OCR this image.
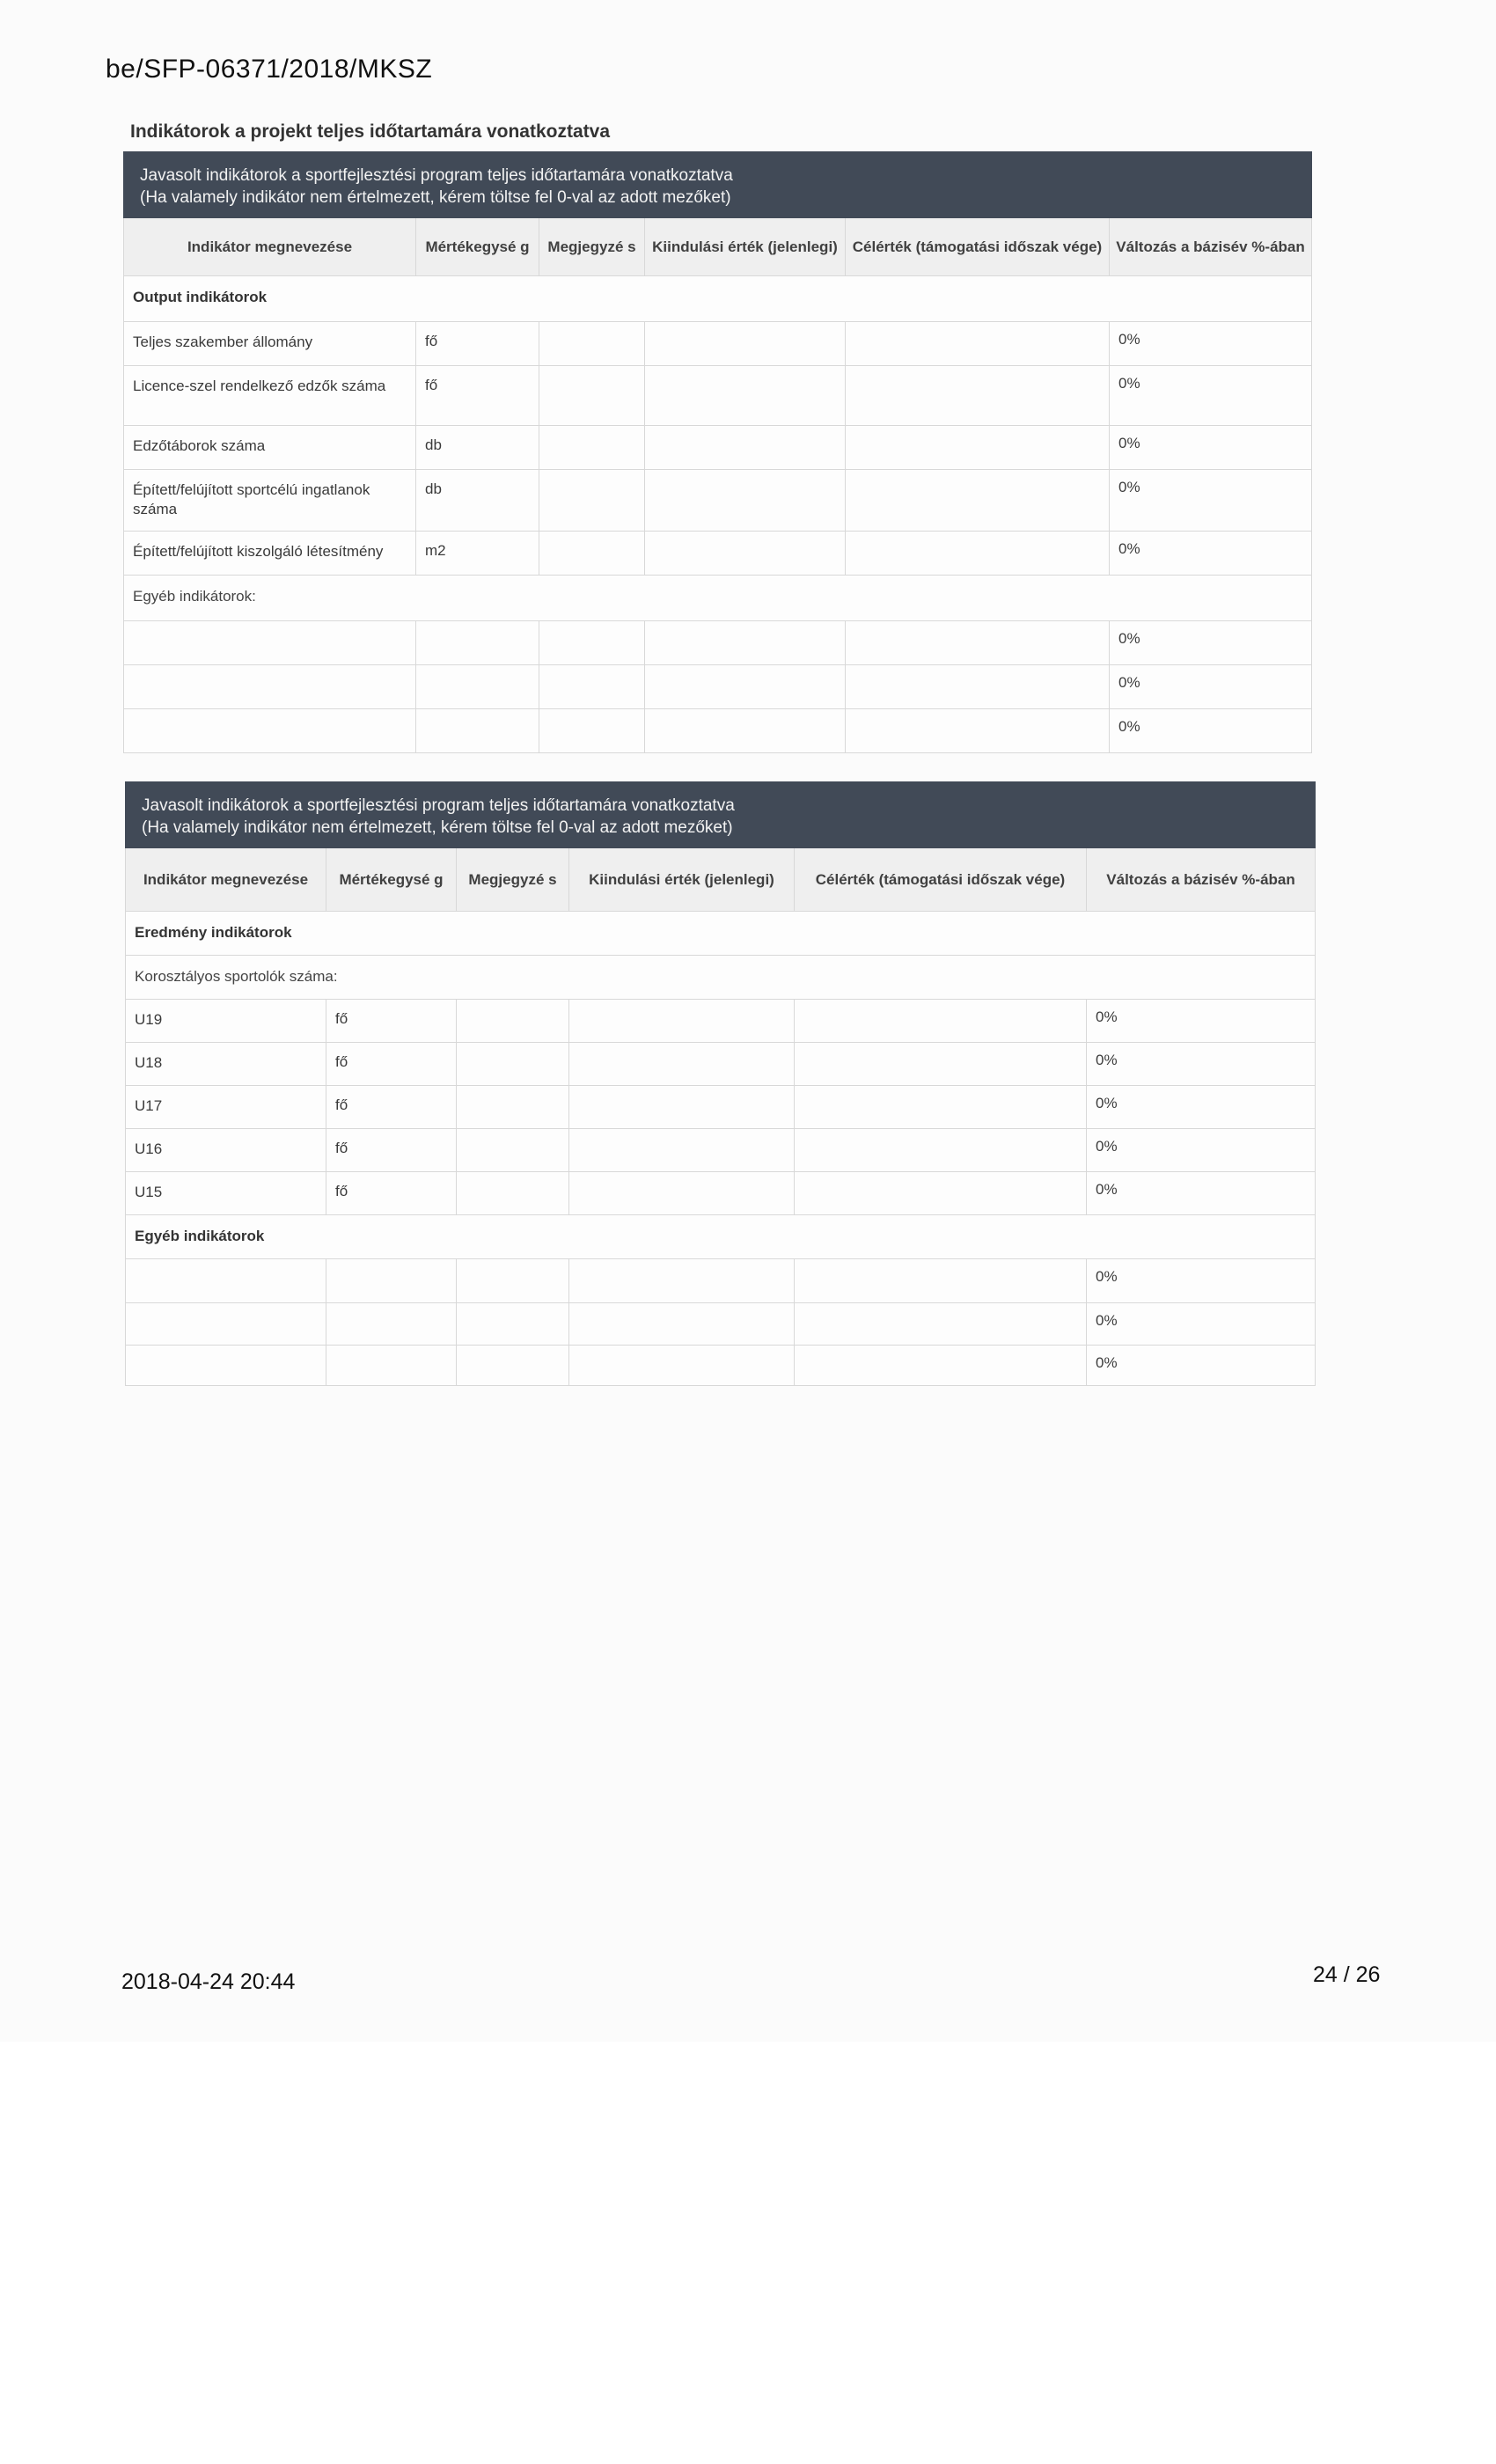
be/SFP-06371/2018/MKSZ
Indikátorok a projekt teljes időtartamára vonatkoztatva
Javasolt indikátorok a sportfejlesztési program teljes időtartamára vonatkoztatva
(Ha valamely indikátor nem értelmezett, kérem töltse fel 0-val az adott mezőket)					

Indikátor megnevezése	Mértékegysé g	Megjegyzé s	Kiindulási érték (jelenlegi)	Célérték (támogatási időszak vége)	Változás a bázisév %-ában
Output indikátorok					
Teljes szakember állomány	fő				0%
Licence-szel rendelkező edzők száma	fő				0%
Edzőtáborok száma	db				0%
Épített/felújított sportcélú ingatlanok száma	db				0%
Épített/felújított kiszolgáló létesítmény	m2				0%
Egyéb indikátorok:					
					0%
					0%
					0%
Javasolt indikátorok a sportfejlesztési program teljes időtartamára vonatkoztatva
(Ha valamely indikátor nem értelmezett, kérem töltse fel 0-val az adott mezőket)					

Indikátor megnevezése	Mértékegysé g	Megjegyzé s	Kiindulási érték (jelenlegi)	Célérték (támogatási időszak vége)	Változás a bázisév %-ában
Eredmény indikátorok					
Korosztályos sportolók száma:					
U19	fő				0%
U18	fő				0%
U17	fő				0%
U16	fő				0%
U15	fő				0%
Egyéb indikátorok					
					0%
					0%
					0%
2018-04-24 20:44	24 / 26
